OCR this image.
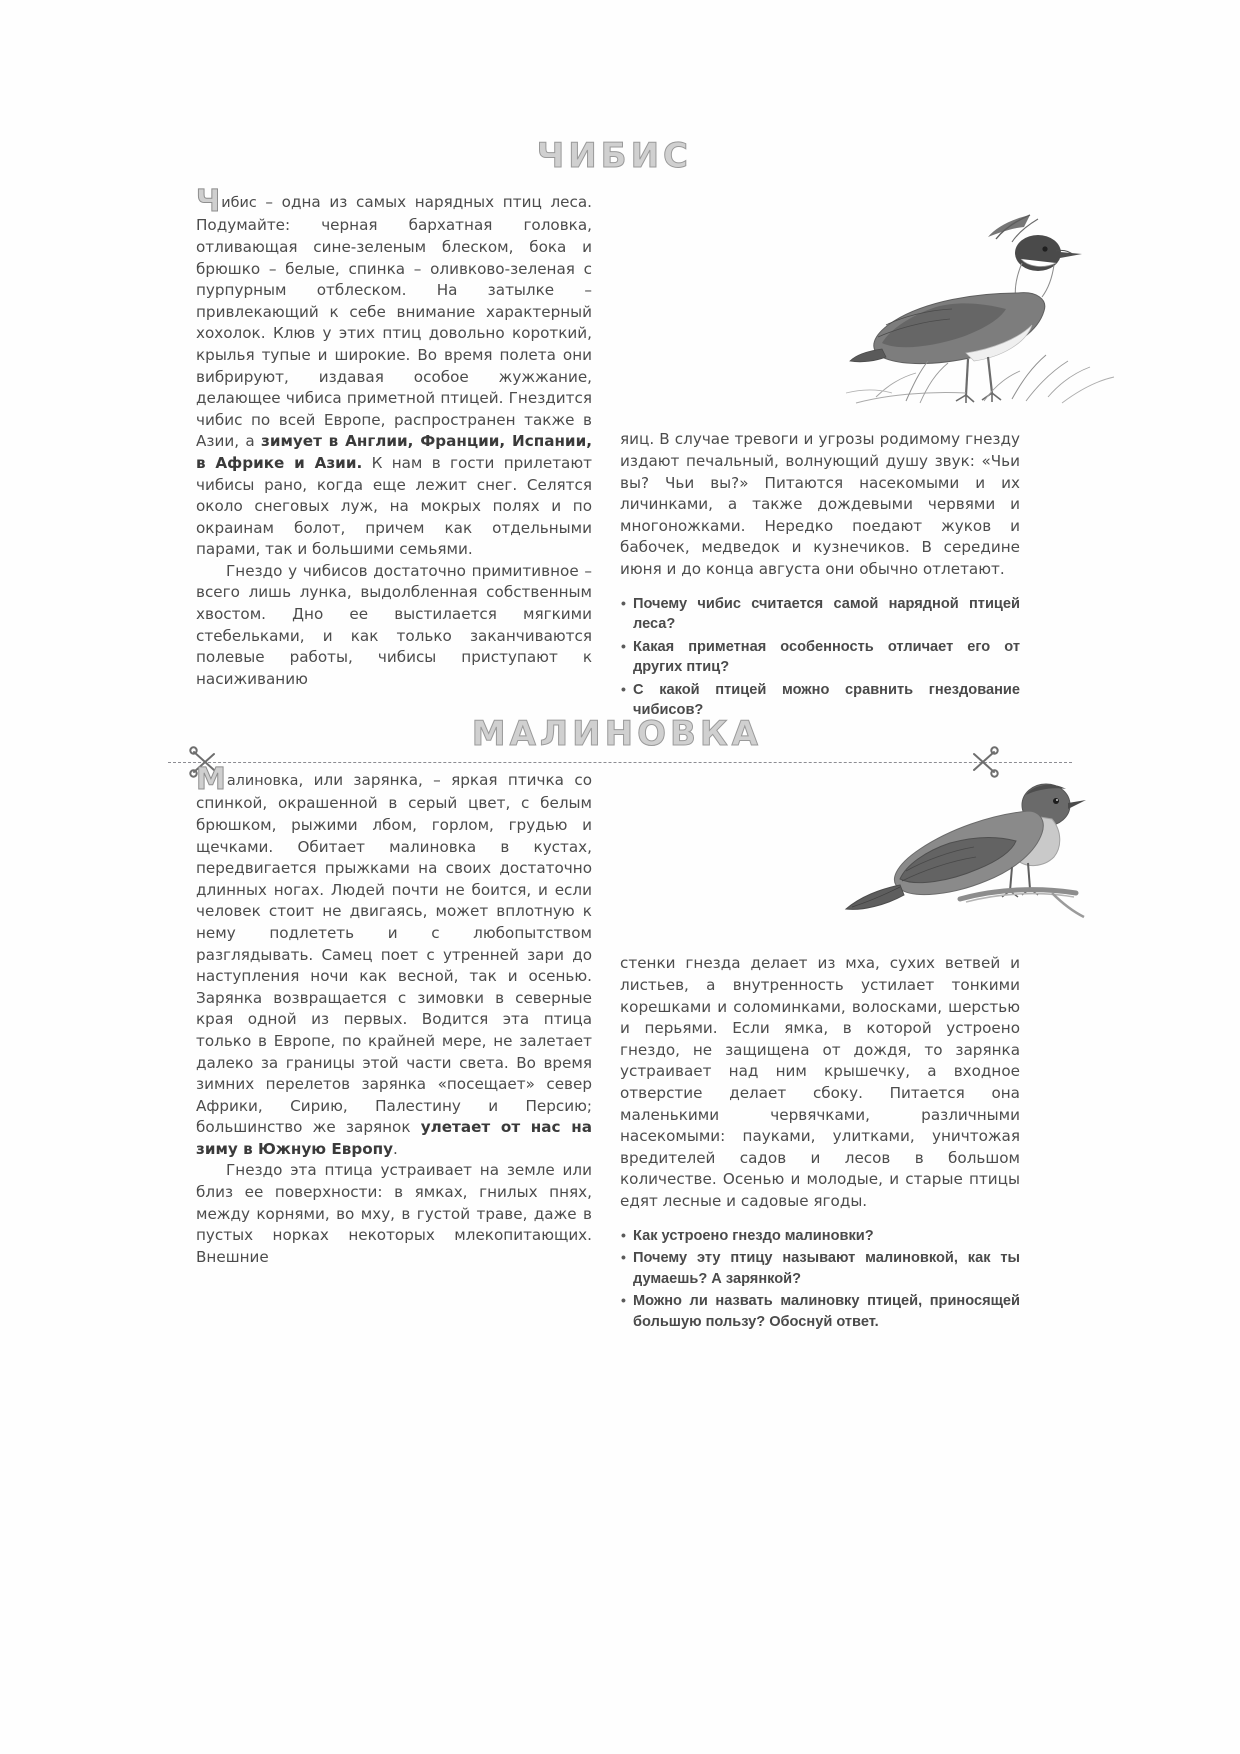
ЧИБИС

Чибис – одна из самых нарядных птиц леса. Подумайте: черная бархатная головка, отливающая сине-зеленым блеском, бока и брюшко – белые, спинка – оливково-зеленая с пурпурным отблеском. На затылке – привлекающий к себе внимание характерный хохолок. Клюв у этих птиц довольно короткий, крылья тупые и широкие. Во время полета они вибрируют, издавая особое жужжание, делающее чибиса приметной птицей. Гнездится чибис по всей Европе, распространен также в Азии, а зимует в Англии, Франции, Испании, в Африке и Азии. К нам в гости прилетают чибисы рано, когда еще лежит снег. Селятся около снеговых луж, на мокрых полях и по окраинам болот, причем как отдельными парами, так и большими семьями.

Гнездо у чибисов достаточно примитивное – всего лишь лунка, выдолбленная собственным хвостом. Дно ее выстилается мягкими стебельками, и как только заканчиваются полевые работы, чибисы приступают к насиживанию

яиц. В случае тревоги и угрозы родимому гнезду издают печальный, волнующий душу звук: «Чьи вы? Чьи вы?» Питаются насекомыми и их личинками, а также дождевыми червями и многоножками. Нередко поедают жуков и бабочек, медведок и кузнечиков. В середине июня и до конца августа они обычно отлетают.

• Почему чибис считается самой нарядной птицей леса?
• Какая приметная особенность отличает его от других птиц?
• С какой птицей можно сравнить гнездование чибисов?
МАЛИНОВКА

Малиновка, или зарянка, – яркая птичка со спинкой, окрашенной в серый цвет, с белым брюшком, рыжими лбом, горлом, грудью и щечками. Обитает малиновка в кустах, передвигается прыжками на своих достаточно длинных ногах. Людей почти не боится, и если человек стоит не двигаясь, может вплотную к нему подлететь и с любопытством разглядывать. Самец поет с утренней зари до наступления ночи как весной, так и осенью. Зарянка возвращается с зимовки в северные края одной из первых. Водится эта птица только в Европе, по крайней мере, не залетает далеко за границы этой части света. Во время зимних перелетов зарянка «посещает» север Африки, Сирию, Палестину и Персию; большинство же зарянок улетает от нас на зиму в Южную Европу.

Гнездо эта птица устраивает на земле или близ ее поверхности: в ямках, гнилых пнях, между корнями, во мху, в густой траве, даже в пустых норках некоторых млекопитающих. Внешние

стенки гнезда делает из мха, сухих ветвей и листьев, а внутренность устилает тонкими корешками и соломинками, волосками, шерстью и перьями. Если ямка, в которой устроено гнездо, не защищена от дождя, то зарянка устраивает над ним крышечку, а входное отверстие делает сбоку. Питается она маленькими червячками, различными насекомыми: пауками, улитками, уничтожая вредителей садов и лесов в большом количестве. Осенью и молодые, и старые птицы едят лесные и садовые ягоды.

• Как устроено гнездо малиновки?
• Почему эту птицу называют малиновкой, как ты думаешь? А зарянкой?
• Можно ли назвать малиновку птицей, приносящей большую пользу? Обоснуй ответ.
